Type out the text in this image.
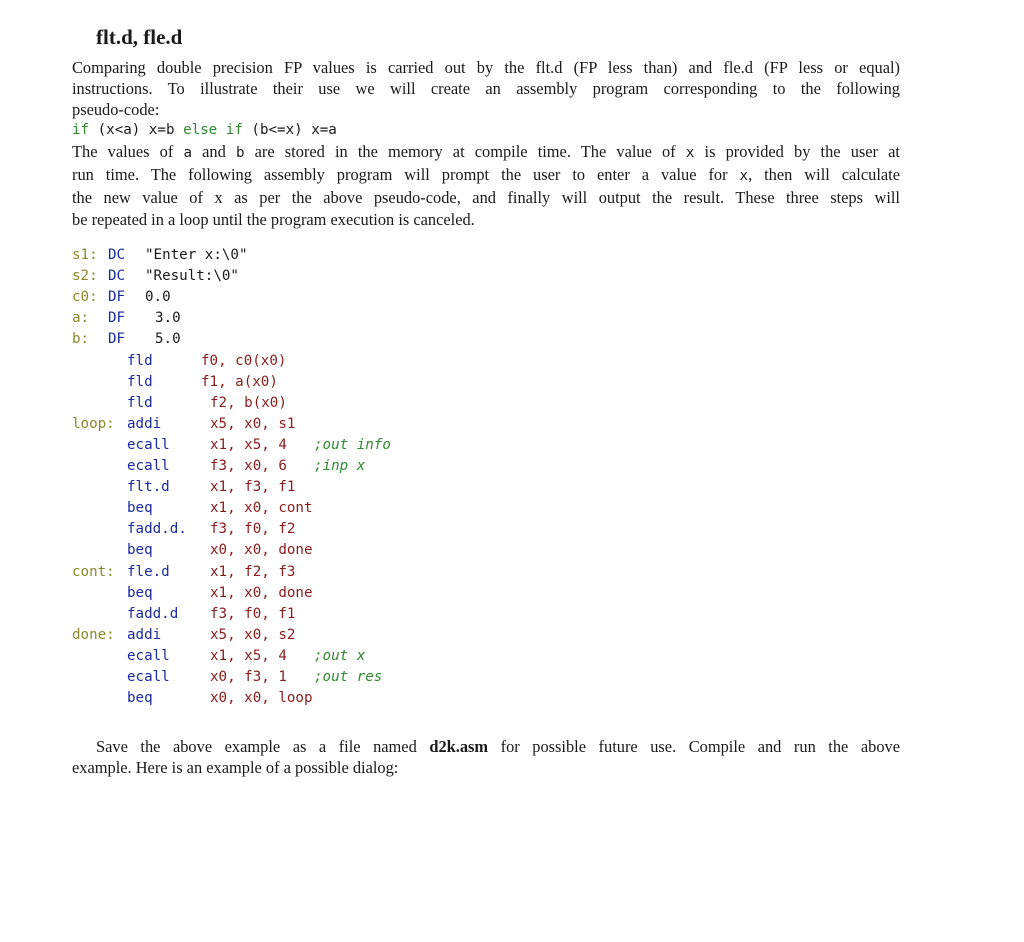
flt.d, fle.d
Comparing double precision FP values is carried out by the flt.d (FP less than) and fle.d (FP less or equal)
instructions. To illustrate their use we will create an assembly program corresponding to the following
pseudo-code:
if (x<a) x=b else if (b<=x) x=a
The values of a and b are stored in the memory at compile time. The value of x is provided by the user at
run time. The following assembly program will prompt the user to enter a value for x, then will calculate
the new value of x as per the above pseudo-code, and finally will output the result. These three steps will
be repeated in a loop until the program execution is canceled.
s1: DC "Enter x:\0"
s2: DC "Result:\0"
c0: DF 0.0
a: DF 3.0
b: DF 5.0
fld	f0, c0(x0)
fld	f1, a(x0)
fld	f2, b(x0)
loop: addi	x5, x0, s1
ecall	x1, x5, 4 ;out info
ecall	f3, x0, 6 ;inp x
flt.d	x1, f3, f1
beq	x1, x0, cont
fadd.d. f3, f0, f2
beq	x0, x0, done
cont: fle.d	x1, f2, f3
beq	x1, x0, done
fadd.d f3, f0, f1
done: addi	x5, x0, s2
ecall	x1, x5, 4 ;out x
ecall	x0, f3, 1 ;out res
beq	x0, x0, loop

Save the above example as a file named d2k.asm for possible future use. Compile and run the above
example. Here is an example of a possible dialog:
